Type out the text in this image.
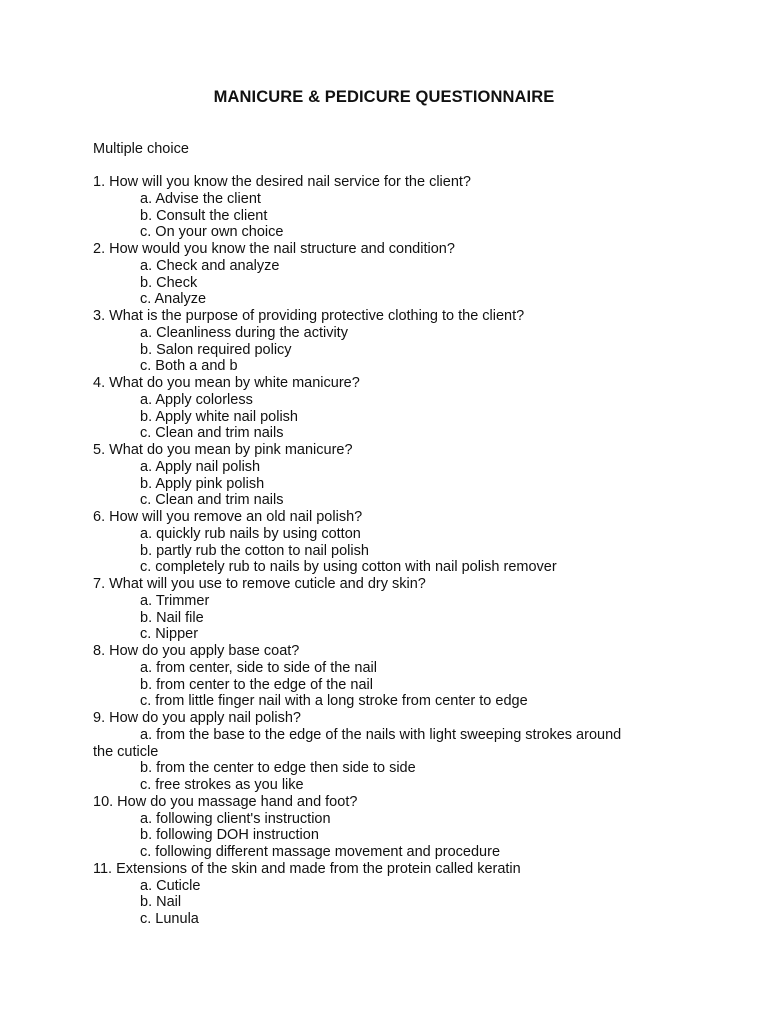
MANICURE & PEDICURE QUESTIONNAIRE
Multiple choice
1. How will you know the desired nail service for the client?
a. Advise the client
b. Consult the client
c. On your own choice
2. How would you know the nail structure and condition?
a. Check and analyze
b. Check
c. Analyze
3. What is the purpose of providing protective clothing to the client?
a. Cleanliness during the activity
b. Salon required policy
c. Both a and b
4. What do you mean by white manicure?
a. Apply colorless
b. Apply white nail polish
c. Clean and trim nails
5. What do you mean by pink manicure?
a. Apply nail polish
b. Apply pink polish
c. Clean and trim nails
6. How will you remove an old nail polish?
a. quickly rub nails by using cotton
b. partly rub the cotton to nail polish
c. completely rub to nails by using cotton with nail polish remover
7. What will you use to remove cuticle and dry skin?
a. Trimmer
b. Nail file
c. Nipper
8. How do you apply base coat?
a. from center, side to side of the nail
b. from center to the edge of the nail
c. from little finger nail with a long stroke from center to edge
9. How do you apply nail polish?
a. from the base to the edge of the nails with light sweeping strokes around
the cuticle
b. from the center to edge then side to side
c. free strokes as you like
10. How do you massage hand and foot?
a. following client's instruction
b. following DOH instruction
c. following different massage movement and procedure
11. Extensions of the skin and made from the protein called keratin
a. Cuticle
b. Nail
c. Lunula
